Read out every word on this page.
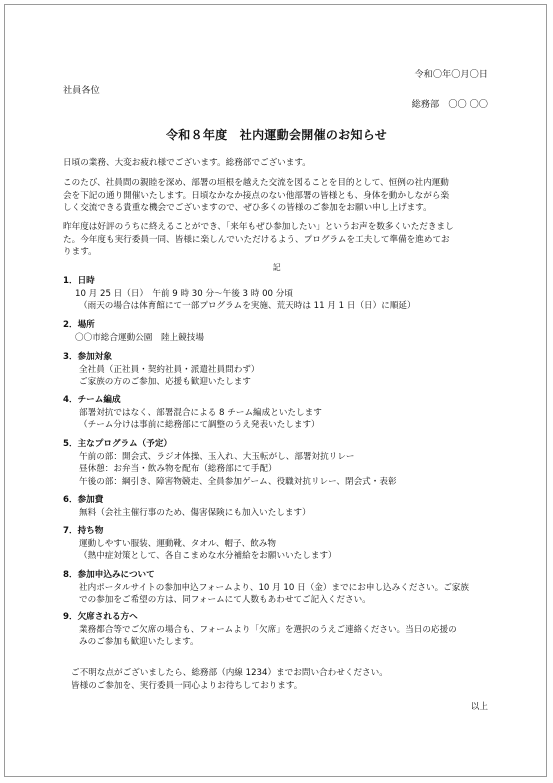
令和〇年〇月〇日
社員各位
総務部　〇〇 〇〇
令和８年度　社内運動会開催のお知らせ
日頃の業務、大変お疲れ様でございます。総務部でございます。
このたび、社員間の親睦を深め、部署の垣根を越えた交流を図ることを目的として、恒例の社内運動
会を下記の通り開催いたします。日頃なかなか接点のない他部署の皆様とも、身体を動かしながら楽
しく交流できる貴重な機会でございますので、ぜひ多くの皆様のご参加をお願い申し上げます。
昨年度は好評のうちに終えることができ、「来年もぜひ参加したい」というお声を数多くいただきまし
た。今年度も実行委員一同、皆様に楽しんでいただけるよう、プログラムを工夫して準備を進めてお
ります。
記
1．日時
10 月 25 日（日）　午前 9 時 30 分～午後 3 時 00 分頃
（雨天の場合は体育館にて一部プログラムを実施、荒天時は 11 月 1 日（日）に順延）
2．場所
〇〇市総合運動公園　陸上競技場
3．参加対象
全社員（正社員・契約社員・派遣社員問わず）
ご家族の方のご参加、応援も歓迎いたします
4．チーム編成
部署対抗ではなく、部署混合による 8 チーム編成といたします
（チーム分けは事前に総務部にて調整のうえ発表いたします）
5．主なプログラム（予定）
午前の部：開会式、ラジオ体操、玉入れ、大玉転がし、部署対抗リレー
昼休憩：お弁当・飲み物を配布（総務部にて手配）
午後の部：綱引き、障害物競走、全員参加ゲーム、役職対抗リレー、閉会式・表彰
6．参加費
無料（会社主催行事のため、傷害保険にも加入いたします）
7．持ち物
運動しやすい服装、運動靴、タオル、帽子、飲み物
（熱中症対策として、各自こまめな水分補給をお願いいたします）
8．参加申込みについて
社内ポータルサイトの参加申込フォームより、10 月 10 日（金）までにお申し込みください。ご家族
での参加をご希望の方は、同フォームにて人数もあわせてご記入ください。
9．欠席される方へ
業務都合等でご欠席の場合も、フォームより「欠席」を選択のうえご連絡ください。当日の応援の
みのご参加も歓迎いたします。
ご不明な点がございましたら、総務部（内線 1234）までお問い合わせください。
皆様のご参加を、実行委員一同心よりお待ちしております。
以上
